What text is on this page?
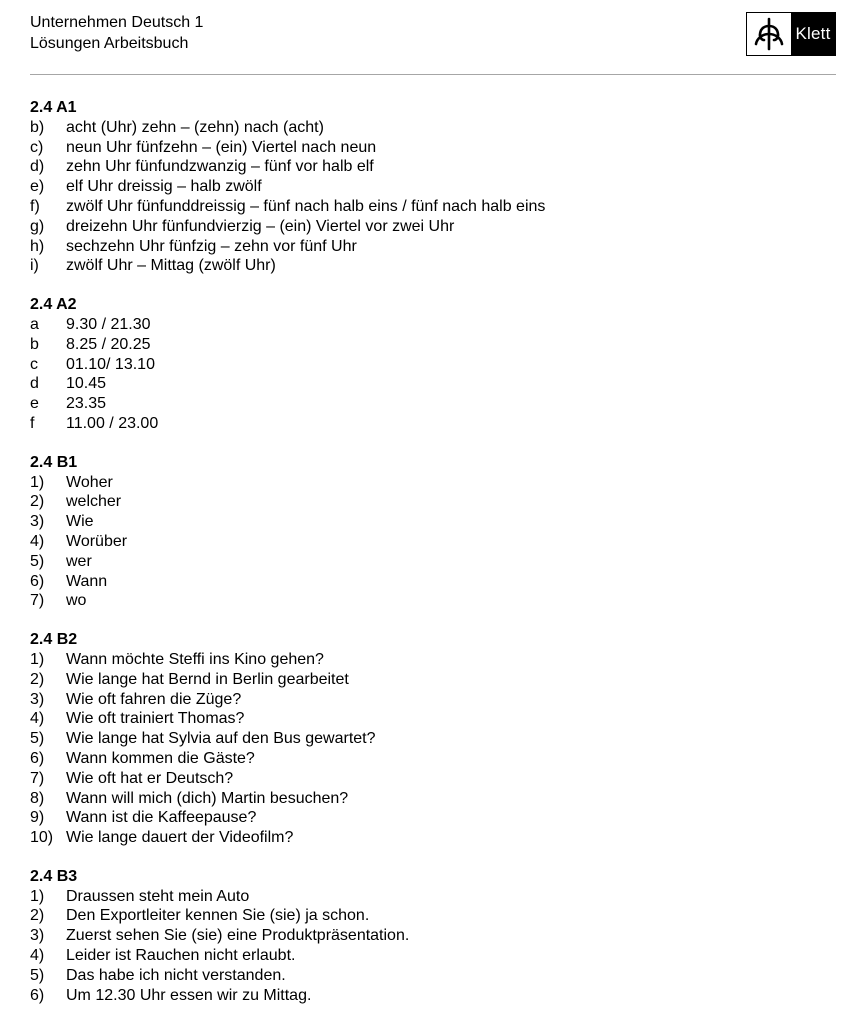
Unternehmen Deutsch 1
Lösungen Arbeitsbuch
Klett
2.4 A1
b)	acht (Uhr) zehn – (zehn) nach (acht)
c)	neun Uhr fünfzehn – (ein) Viertel nach neun
d)	zehn Uhr fünfundzwanzig – fünf vor halb elf
e)	elf Uhr dreissig – halb zwölf
f)	zwölf Uhr fünfunddreissig – fünf nach halb eins / fünf nach halb eins
g)	dreizehn Uhr fünfundvierzig – (ein) Viertel vor zwei Uhr
h)	sechzehn Uhr fünfzig – zehn vor fünf Uhr
i)	zwölf Uhr – Mittag (zwölf Uhr)
2.4 A2
a	9.30 / 21.30
b	8.25 / 20.25
c	01.10/ 13.10
d	10.45
e	23.35
f	11.00 / 23.00
2.4 B1
1)	Woher
2)	welcher
3)	Wie
4)	Worüber
5)	wer
6)	Wann
7)	wo
2.4 B2
1)	Wann möchte Steffi ins Kino gehen?
2)	Wie lange hat Bernd in Berlin gearbeitet
3)	Wie oft fahren die Züge?
4)	Wie oft trainiert Thomas?
5)	Wie lange hat Sylvia auf den Bus gewartet?
6)	Wann kommen die Gäste?
7)	Wie oft hat er Deutsch?
8)	Wann will mich (dich) Martin besuchen?
9)	Wann ist die Kaffeepause?
10) Wie lange dauert der Videofilm?
2.4 B3
1)	Draussen steht mein Auto
2)	Den Exportleiter kennen Sie (sie) ja schon.
3)	Zuerst sehen Sie (sie) eine Produktpräsentation.
4)	Leider ist Rauchen nicht erlaubt.
5)	Das habe ich nicht verstanden.
6)	Um 12.30 Uhr essen wir zu Mittag.
